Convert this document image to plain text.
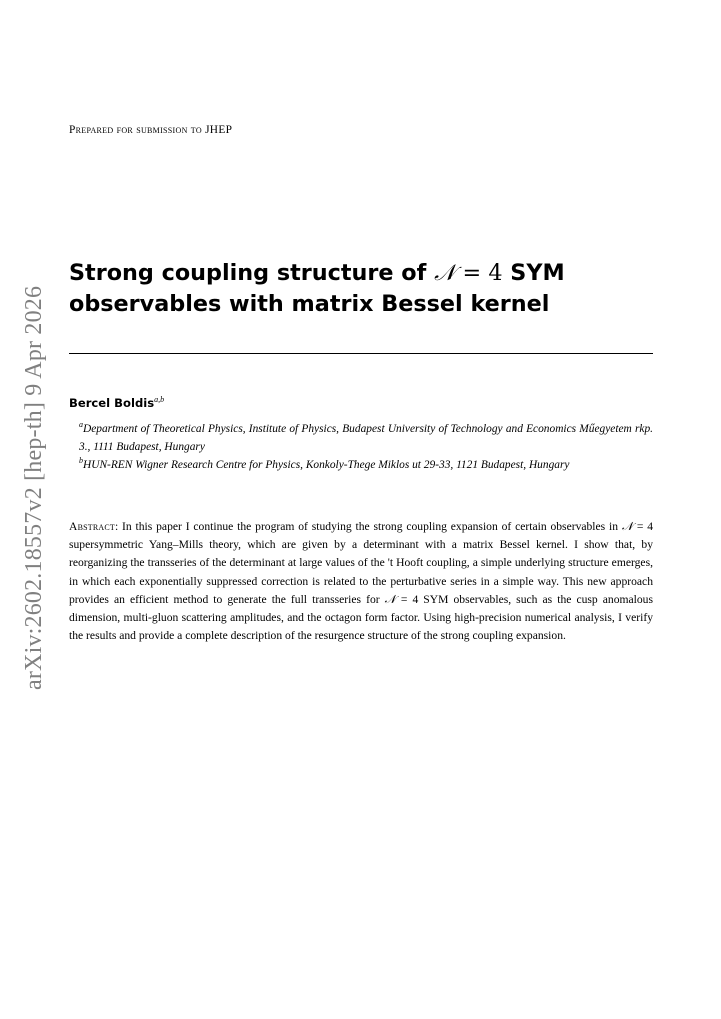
arXiv:2602.18557v2 [hep-th] 9 Apr 2026
Prepared for submission to JHEP
Strong coupling structure of 𝒩 = 4 SYM
observables with matrix Bessel kernel
Bercel Boldis$^{a,b}$

$^a$Department of Theoretical Physics, Institute of Physics, Budapest University of Technology and Economics Műegyetem rkp. 3., 1111 Budapest, Hungary

$^b$HUN-REN Wigner Research Centre for Physics, Konkoly-Thege Miklos ut 29-33, 1121 Budapest, Hungary

Abstract: In this paper I continue the program of studying the strong coupling expansion of certain observables in 𝒩 = 4 supersymmetric Yang–Mills theory, which are given by a determinant with a matrix Bessel kernel. I show that, by reorganizing the transseries of the determinant at large values of the 't Hooft coupling, a simple underlying structure emerges, in which each exponentially suppressed correction is related to the perturbative series in a simple way. This new approach provides an efficient method to generate the full transseries for 𝒩 = 4 SYM observables, such as the cusp anomalous dimension, multi-gluon scattering amplitudes, and the octagon form factor. Using high-precision numerical analysis, I verify the results and provide a complete description of the resurgence structure of the strong coupling expansion.
